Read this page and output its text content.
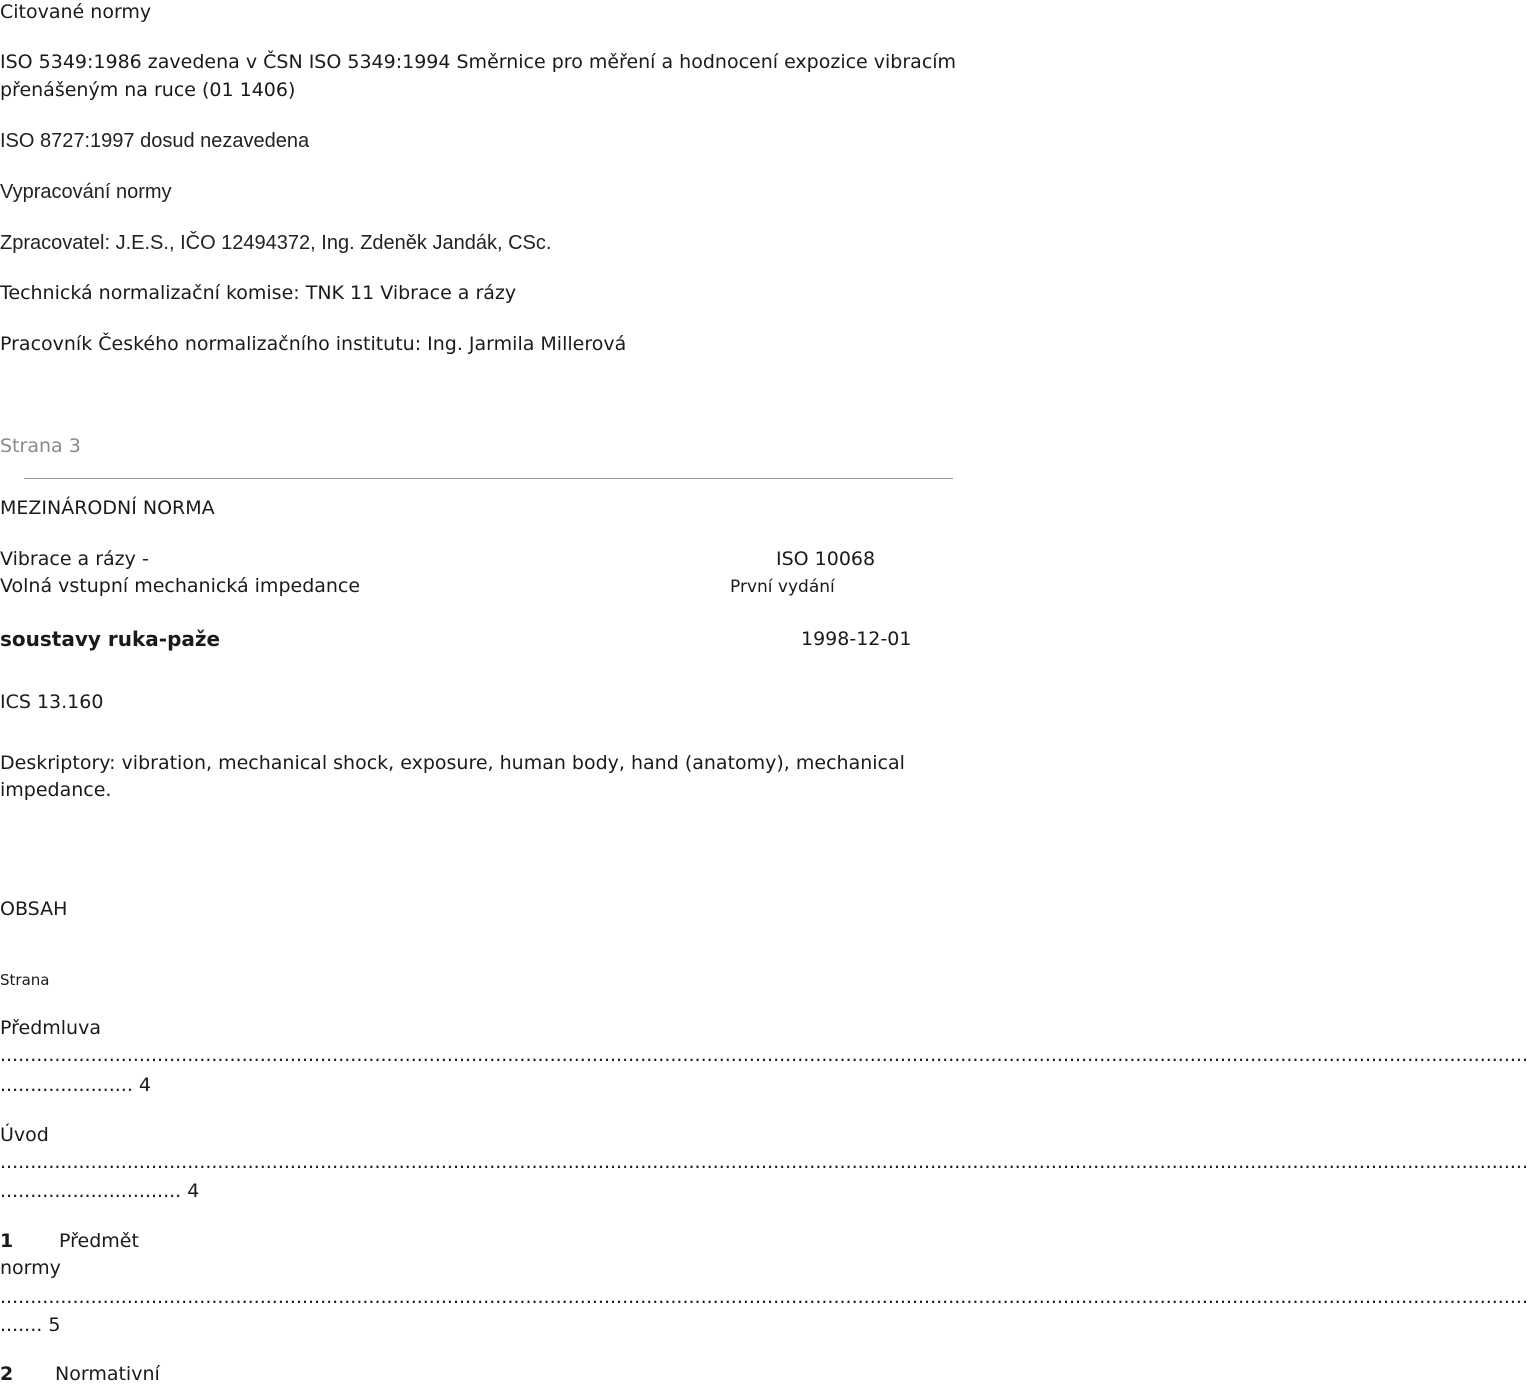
Citované normy
ISO 5349:1986 zavedena v ČSN ISO 5349:1994 Směrnice pro měření a hodnocení expozice vibracím
přenášeným na ruce (01 1406)
ISO 8727:1997 dosud nezavedena
Vypracování normy
Zpracovatel: J.E.S., IČO 12494372, Ing. Zdeněk Jandák, CSc.
Technická normalizační komise: TNK 11 Vibrace a rázy
Pracovník Českého normalizačního institutu: Ing. Jarmila Millerová
Strana 3
MEZINÁRODNÍ NORMA
Vibrace a rázy -	ISO 10068
Volná vstupní mechanická impedance	První vydání
soustavy ruka-paže	1998-12-01
ICS 13.160
Deskriptory: vibration, mechanical shock, exposure, human body, hand (anatomy), mechanical
impedance.
OBSAH
Strana
Předmluva
.............................................................................................................................................................................................................................................................
...................... 4
Úvod
.............................................................................................................................................................................................................................................................
.............................. 4
1 Předmět
normy
.............................................................................................................................................................................................................................................................
....... 5
2 Normativní
